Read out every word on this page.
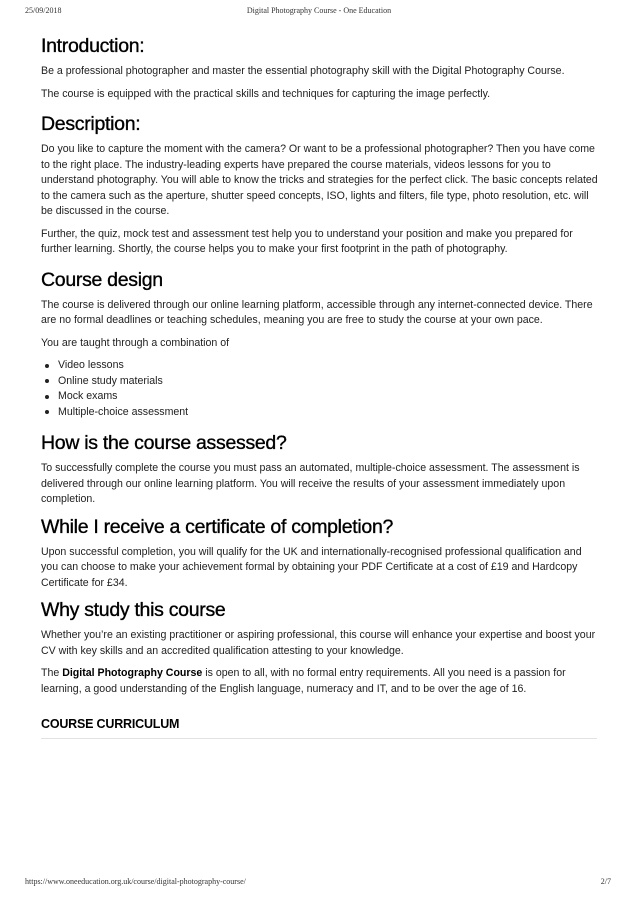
25/09/2018	Digital Photography Course - One Education
Introduction:

Be a professional photographer and master the essential photography skill with the Digital Photography Course.

The course is equipped with the practical skills and techniques for capturing the image perfectly.

Description:

Do you like to capture the moment with the camera? Or want to be a professional photographer? Then you have come to the right place. The industry-leading experts have prepared the course materials, videos lessons for you to understand photography. You will able to know the tricks and strategies for the perfect click. The basic concepts related to the camera such as the aperture, shutter speed concepts, ISO, lights and filters, file type, photo resolution, etc. will be discussed in the course.

Further, the quiz, mock test and assessment test help you to understand your position and make you prepared for further learning. Shortly, the course helps you to make your first footprint in the path of photography.

Course design

The course is delivered through our online learning platform, accessible through any internet-connected device. There are no formal deadlines or teaching schedules, meaning you are free to study the course at your own pace.

You are taught through a combination of

Video lessons
Online study materials
Mock exams
Multiple-choice assessment
How is the course assessed?

To successfully complete the course you must pass an automated, multiple-choice assessment. The assessment is delivered through our online learning platform. You will receive the results of your assessment immediately upon completion.

While I receive a certificate of completion?

Upon successful completion, you will qualify for the UK and internationally-recognised professional qualification and you can choose to make your achievement formal by obtaining your PDF Certificate at a cost of £19 and Hardcopy Certificate for £34.

Why study this course

Whether you’re an existing practitioner or aspiring professional, this course will enhance your expertise and boost your CV with key skills and an accredited qualification attesting to your knowledge.

The Digital Photography Course is open to all, with no formal entry requirements. All you need is a passion for learning, a good understanding of the English language, numeracy and IT, and to be over the age of 16.

COURSE CURRICULUM
https://www.oneeducation.org.uk/course/digital-photography-course/	2/7
